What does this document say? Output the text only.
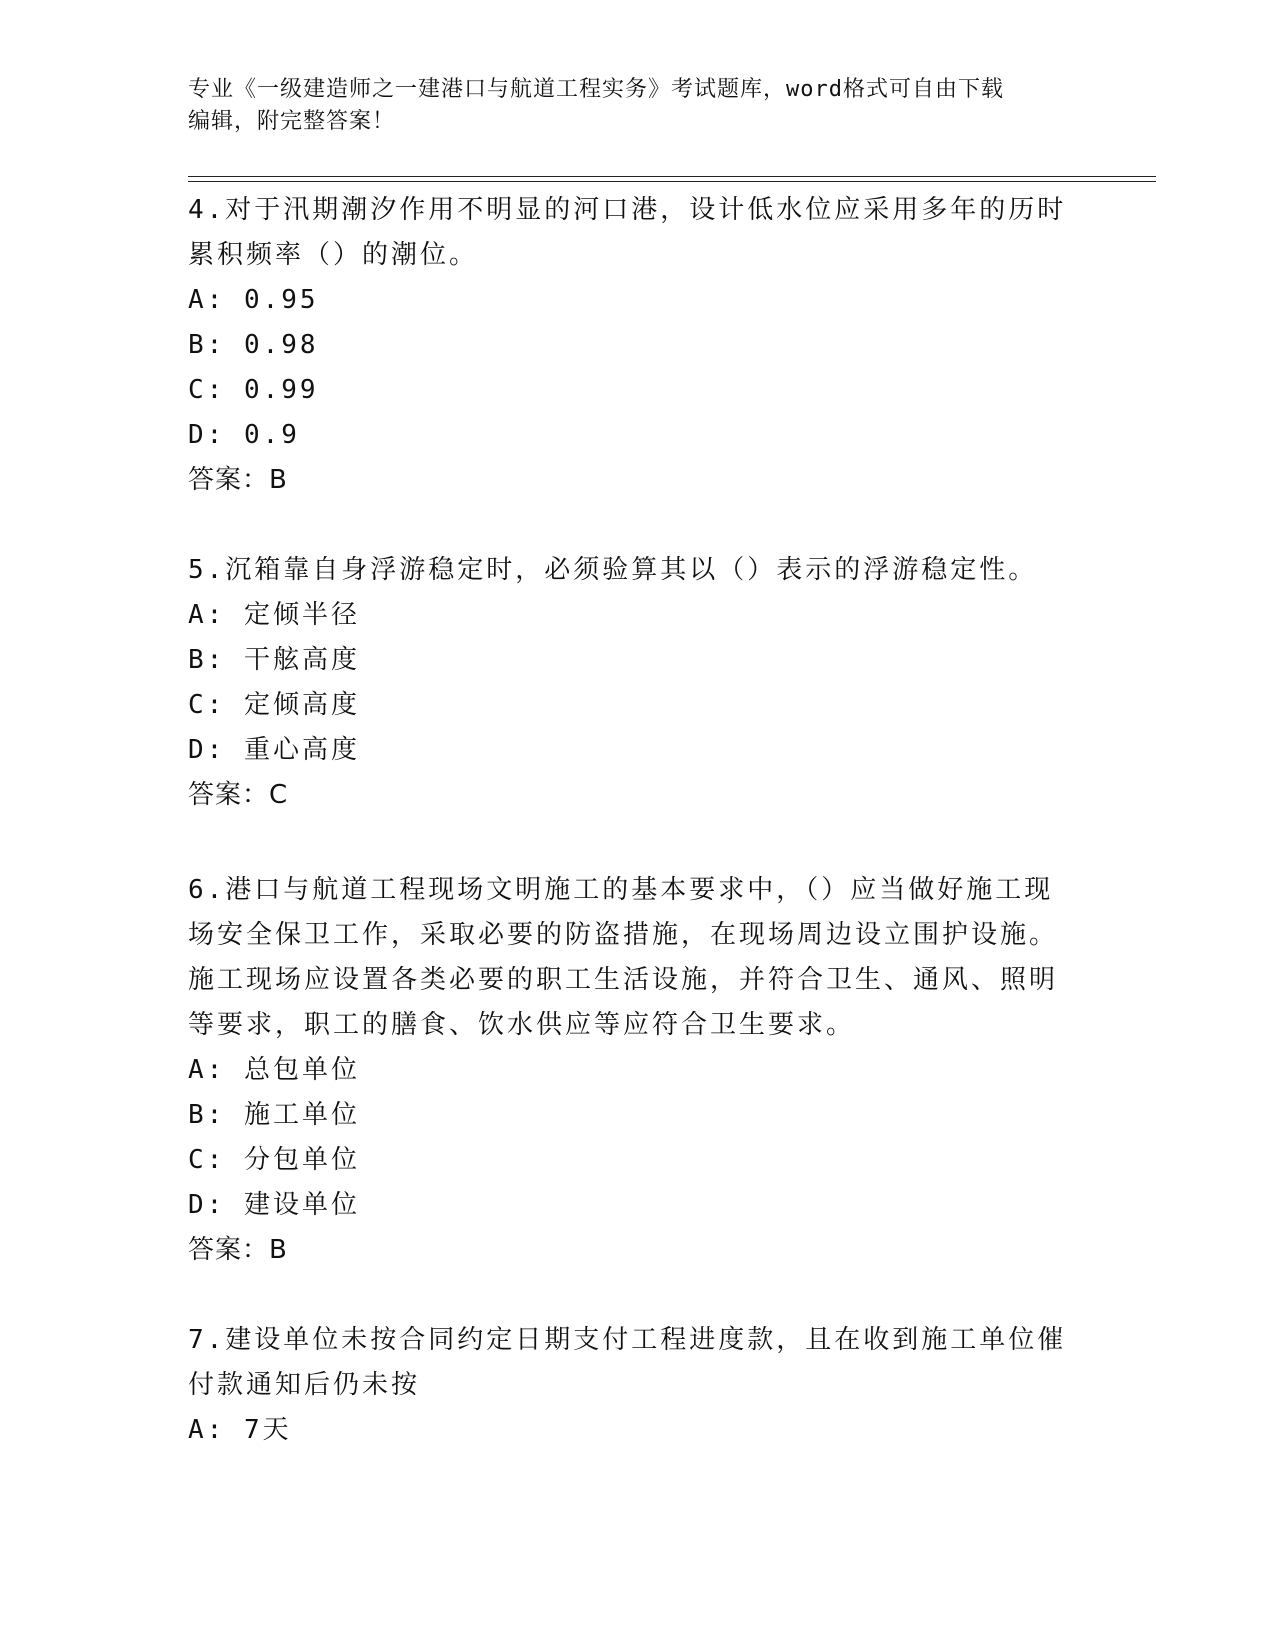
专业《一级建造师之一建港口与航道工程实务》考试题库，word格式可自由下载
编辑，附完整答案！
4.对于汛期潮汐作用不明显的河口港，设计低水位应采用多年的历时
累积频率（）的潮位。
A: 0.95
B: 0.98
C: 0.99
D: 0.9
答案：B
5.沉箱靠自身浮游稳定时，必须验算其以（）表示的浮游稳定性。
A: 定倾半径
B: 干舷高度
C: 定倾高度
D: 重心高度
答案：C
6.港口与航道工程现场文明施工的基本要求中，（）应当做好施工现
场安全保卫工作，采取必要的防盗措施，在现场周边设立围护设施。
施工现场应设置各类必要的职工生活设施，并符合卫生、通风、照明
等要求，职工的膳食、饮水供应等应符合卫生要求。
A: 总包单位
B: 施工单位
C: 分包单位
D: 建设单位
答案：B
7.建设单位未按合同约定日期支付工程进度款，且在收到施工单位催
付款通知后仍未按
A: 7天
